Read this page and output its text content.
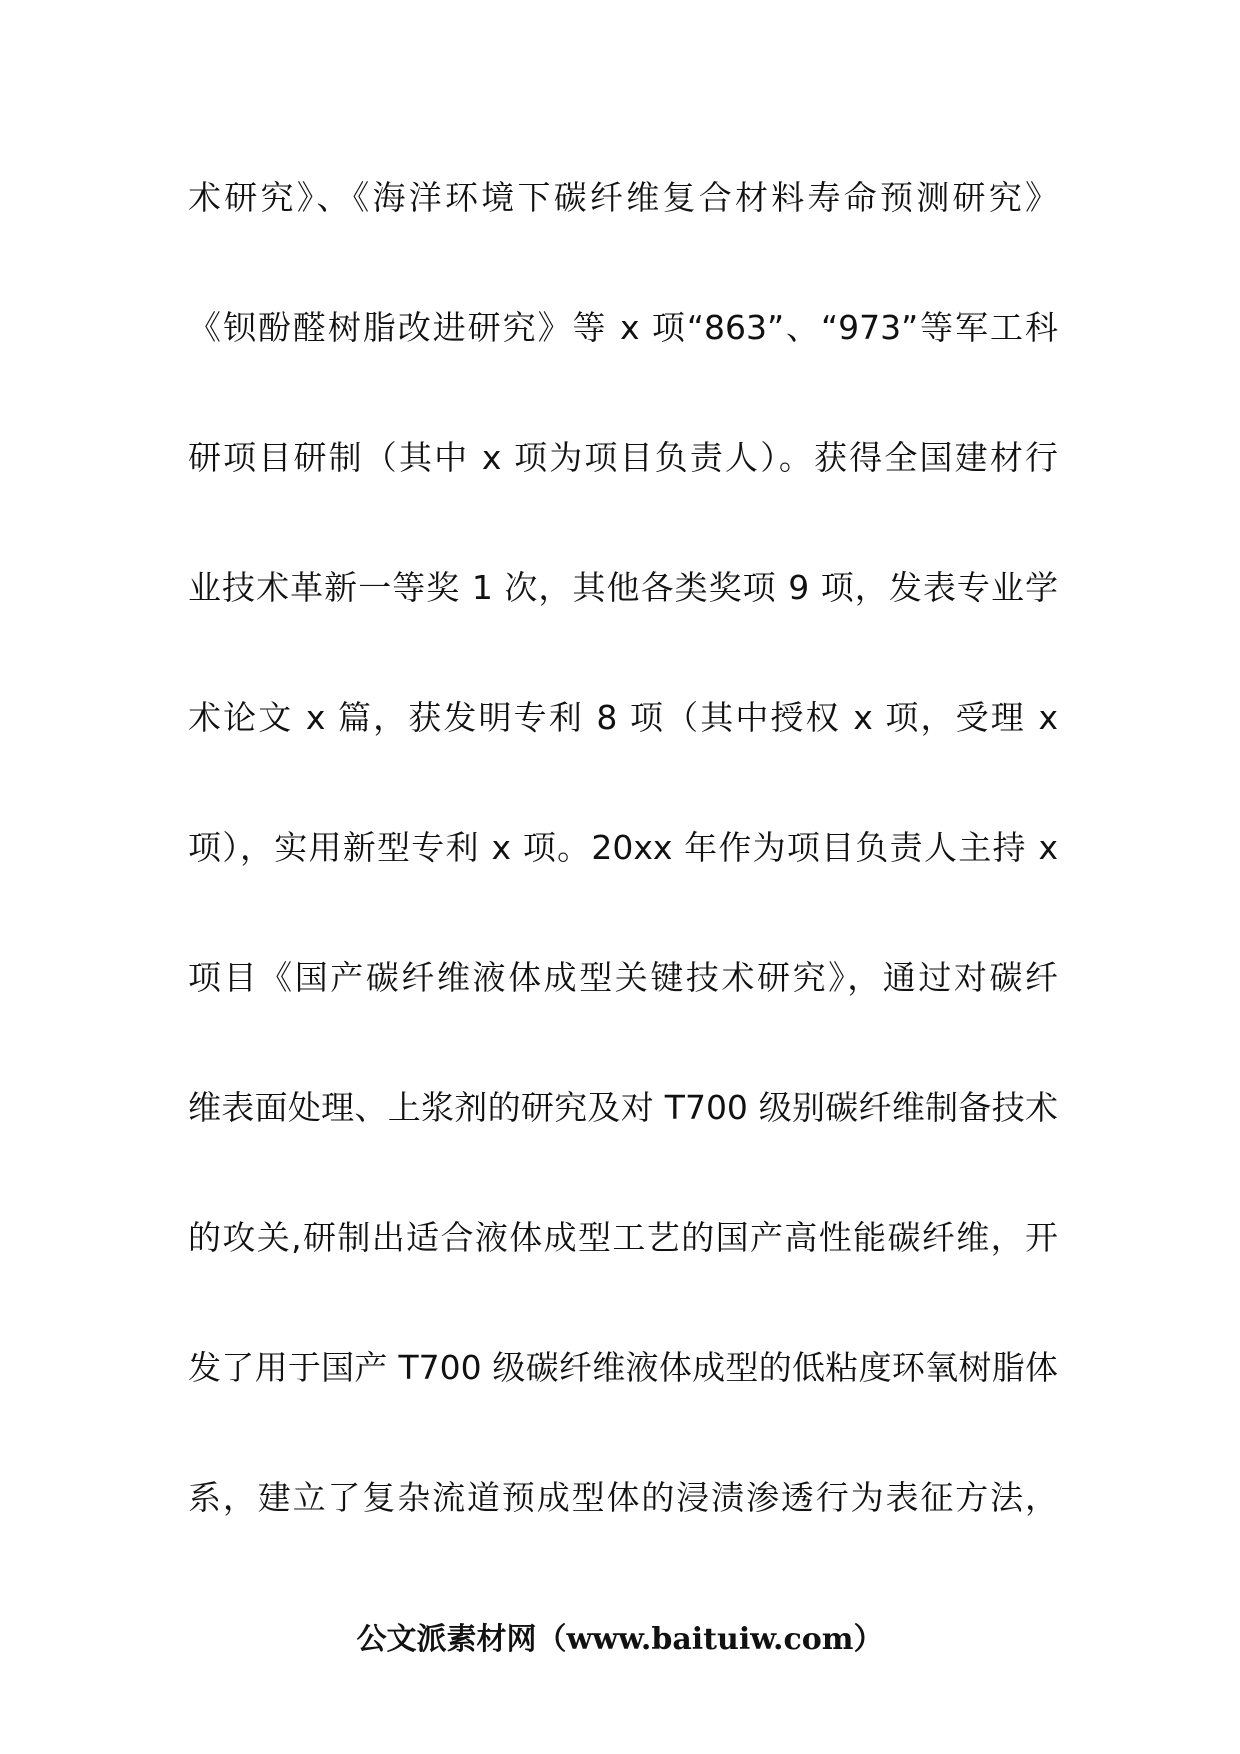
术研究》、《海洋环境下碳纤维复合材料寿命预测研究》
《钡酚醛树脂改进研究》等 x 项“863”、“973”等军工科
研项目研制（其中 x 项为项目负责人）。获得全国建材行
业技术革新一等奖 1 次，其他各类奖项 9 项，发表专业学
术论文 x 篇，获发明专利 8 项（其中授权 x 项，受理 x
项），实用新型专利 x 项。20xx 年作为项目负责人主持 x
项目《国产碳纤维液体成型关键技术研究》，通过对碳纤
维表面处理、上浆剂的研究及对 T700 级别碳纤维制备技术
的攻关,研制出适合液体成型工艺的国产高性能碳纤维，开
发了用于国产 T700 级碳纤维液体成型的低粘度环氧树脂体
系，建立了复杂流道预成型体的浸渍渗透行为表征方法，
公文派素材网（www.baituiw.com）
